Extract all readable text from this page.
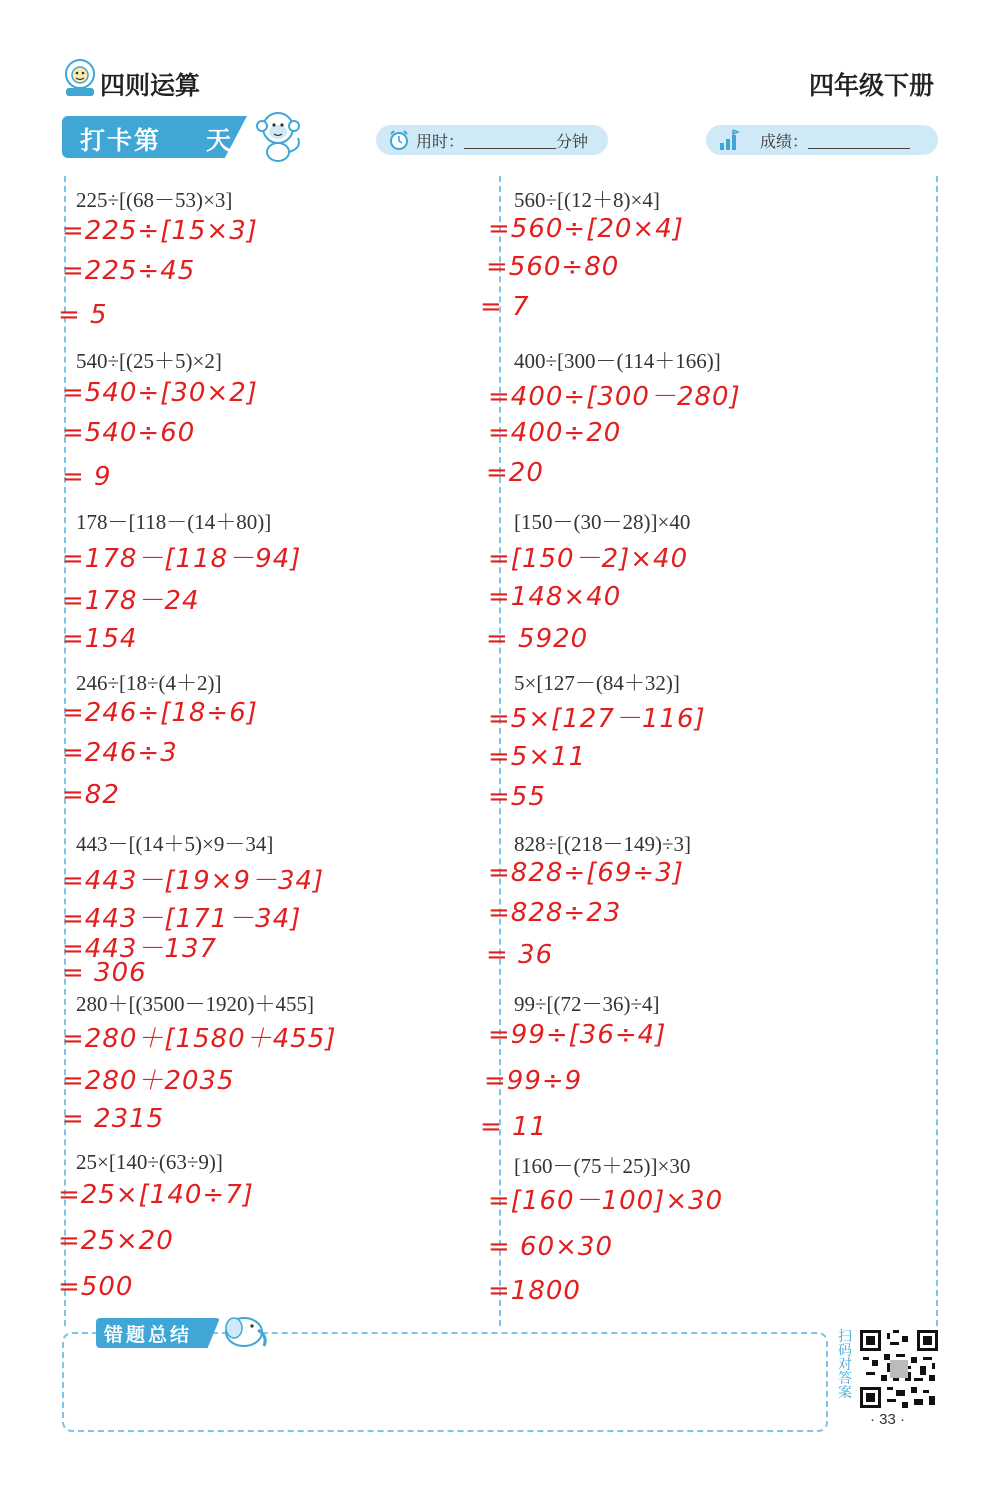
四则运算	四年级下册
打卡第 天	用时：	分钟	成绩：
225÷[(68－53)×3]
=225÷[15×3]
=225÷45
= 5
540÷[(25＋5)×2]
=540÷[30×2]
=540÷60
= 9
178－[118－(14＋80)]
=178－[118－94]
=178－24
=154
246÷[18÷(4＋2)]
=246÷[18÷6]
=246÷3
=82
443－[(14＋5)×9－34]
=443－[19×9－34]
=443－[171－34]
=443－137
= 306
280＋[(3500－1920)＋455]
=280＋[1580＋455]
=280＋2035
= 2315
25×[140÷(63÷9)]
=25×[140÷7]
=25×20
=500
560÷[(12＋8)×4]
=560÷[20×4]
=560÷80
= 7
400÷[300－(114＋166)]
=400÷[300－280]
=400÷20
=20
[150－(30－28)]×40
=[150－2]×40
=148×40
= 5920
5×[127－(84＋32)]
=5×[127－116]
=5×11
=55
828÷[(218－149)÷3]
=828÷[69÷3]
=828÷23
= 36
99÷[(72－36)÷4]
=99÷[36÷4]
=99÷9
= 11
[160－(75＋25)]×30
=[160－100]×30
= 60×30
=1800
错题总结	扫码对答案
· 33 ·
